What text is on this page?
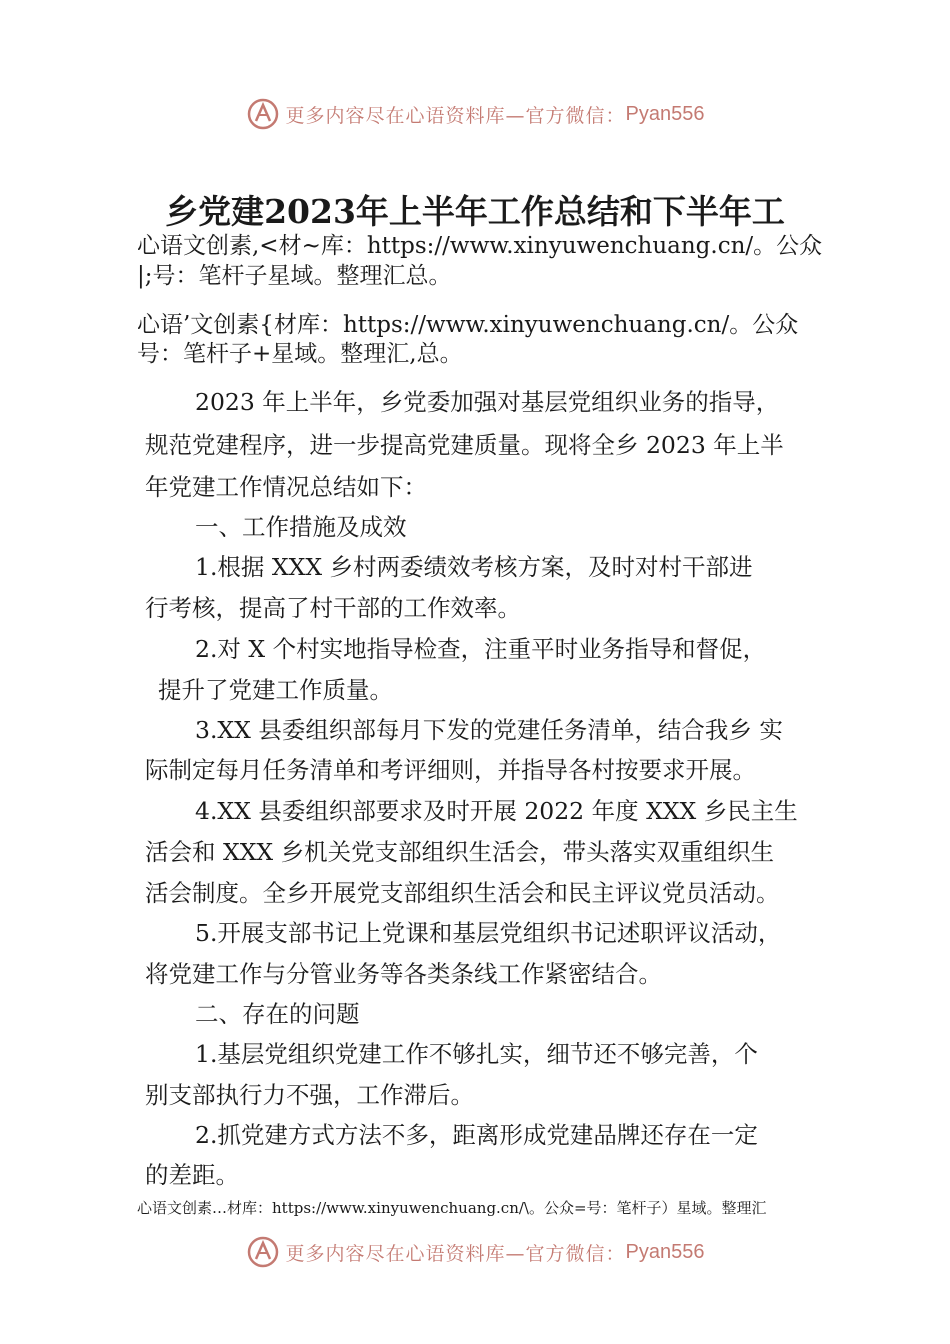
更多内容尽在心语资料库—官方微信： Pyan556
乡党建2023年上半年工作总结和下半年工

心语文创素,<材~库：https://www.xinyuwenchuang.cn/。公众

|;号：笔杆子星域。整理汇总。

心语’文创素{材库：https://www.xinyuwenchuang.cn/。公众

号：笔杆子+星域。整理汇,总。

2023 年上半年，乡党委加强对基层党组织业务的指导，

规范党建程序，进一步提高党建质量。现将全乡 2023 年上半

年党建工作情况总结如下：

一、工作措施及成效

1.根据 XXX 乡村两委绩效考核方案，及时对村干部进

行考核，提高了村干部的工作效率。

2.对 X 个村实地指导检查，注重平时业务指导和督促，

提升了党建工作质量。

3.XX 县委组织部每月下发的党建任务清单，结合我乡 实

际制定每月任务清单和考评细则，并指导各村按要求开展。

4.XX 县委组织部要求及时开展 2022 年度 XXX 乡民主生

活会和 XXX 乡机关党支部组织生活会，带头落实双重组织生

活会制度。全乡开展党支部组织生活会和民主评议党员活动。

5.开展支部书记上党课和基层党组织书记述职评议活动，

将党建工作与分管业务等各类条线工作紧密结合。

二、存在的问题

1.基层党组织党建工作不够扎实，细节还不够完善，个

别支部执行力不强，工作滞后。

2.抓党建方式方法不多，距离形成党建品牌还存在一定

的差距。

心语文创素…材库：https://www.xinyuwenchuang.cn/\。公众=号：笔杆子）星域。整理汇

更多内容尽在心语资料库—官方微信： Pyan556
